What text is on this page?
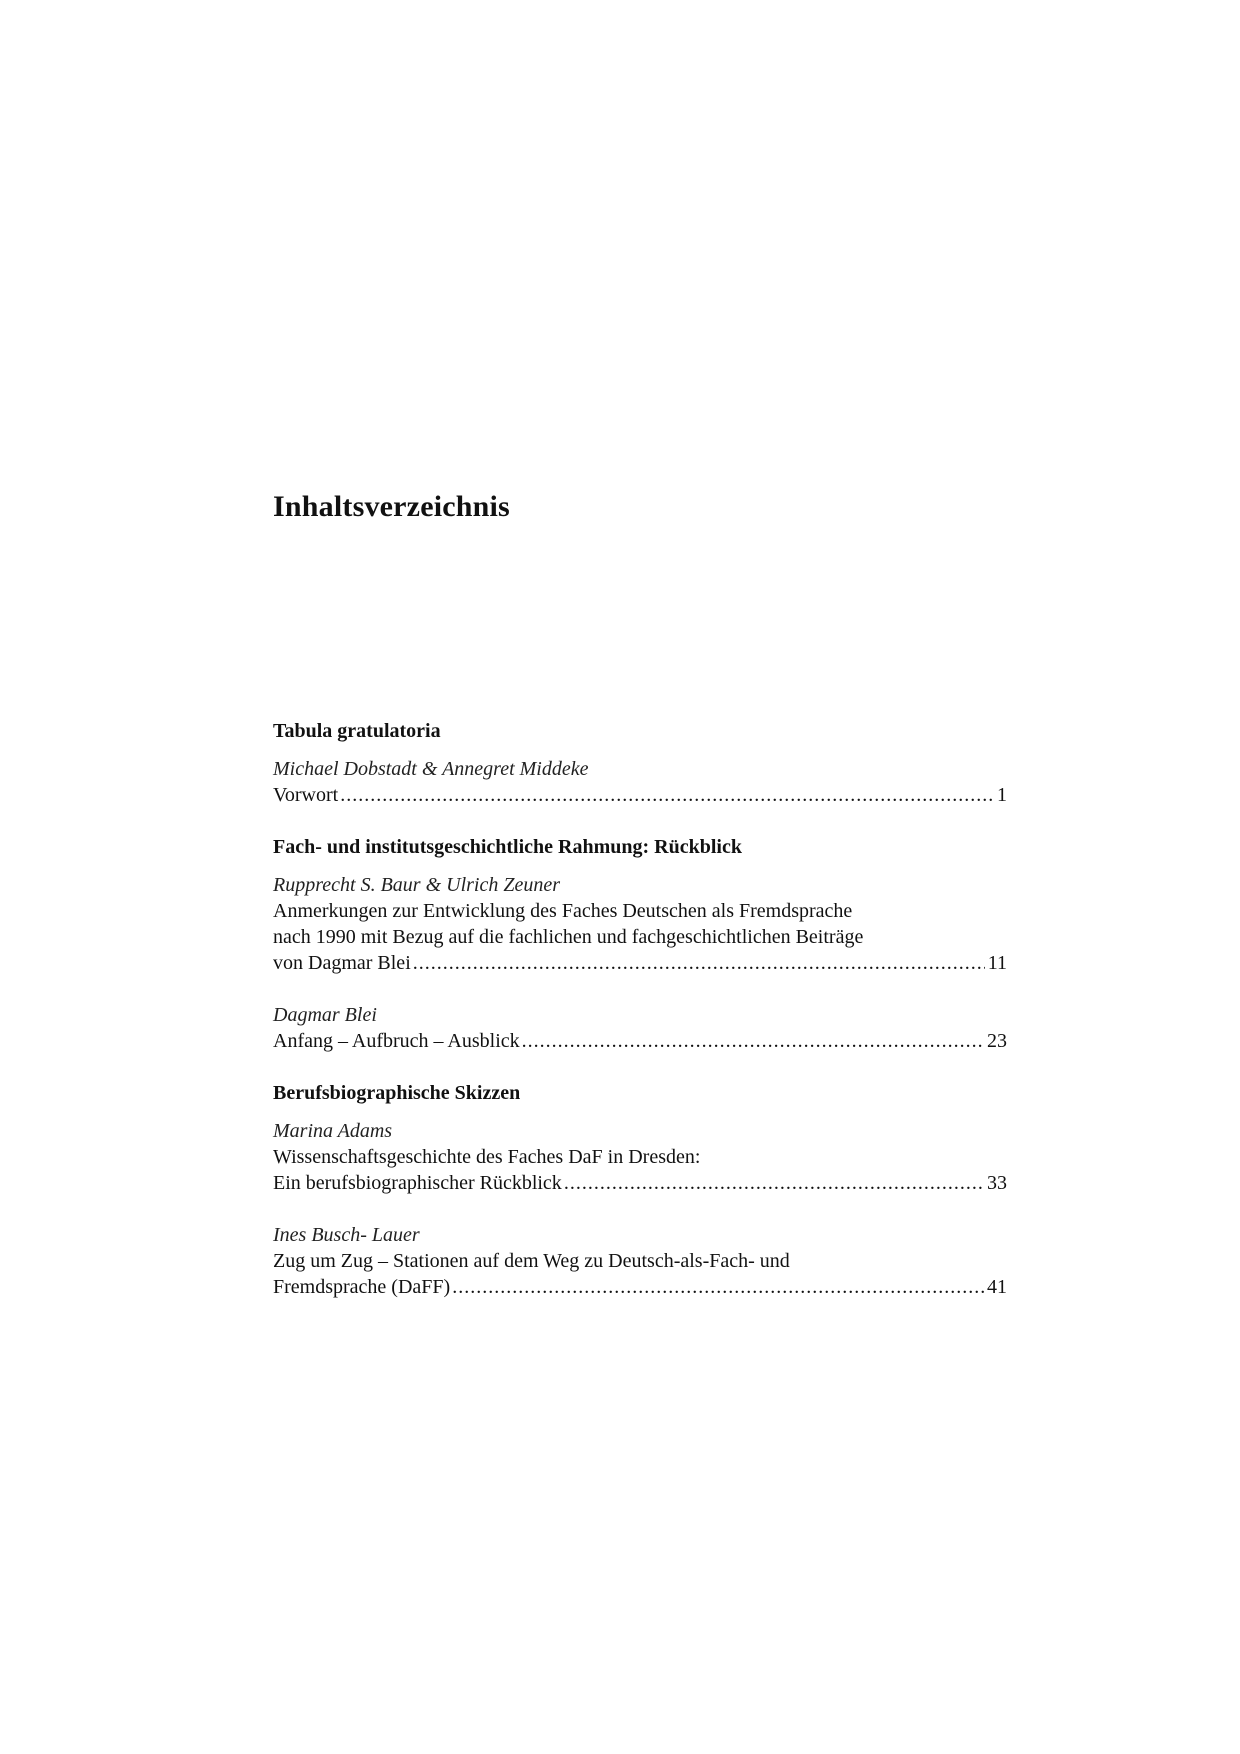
Inhaltsverzeichnis
Tabula gratulatoria
Michael Dobstadt & Annegret Middeke
Vorwort .....	1
Fach- und institutsgeschichtliche Rahmung: Rückblick
Rupprecht S. Baur & Ulrich Zeuner
Anmerkungen zur Entwicklung des Faches Deutschen als Fremdsprache
nach 1990 mit Bezug auf die fachlichen und fachgeschichtlichen Beiträge
von Dagmar Blei .....	11
Dagmar Blei
Anfang – Aufbruch – Ausblick .....	23
Berufsbiographische Skizzen
Marina Adams
Wissenschaftsgeschichte des Faches DaF in Dresden:
Ein berufsbiographischer Rückblick .....	33
Ines Busch- Lauer
Zug um Zug – Stationen auf dem Weg zu Deutsch-als-Fach- und
Fremdsprache (DaFF) .....	41
